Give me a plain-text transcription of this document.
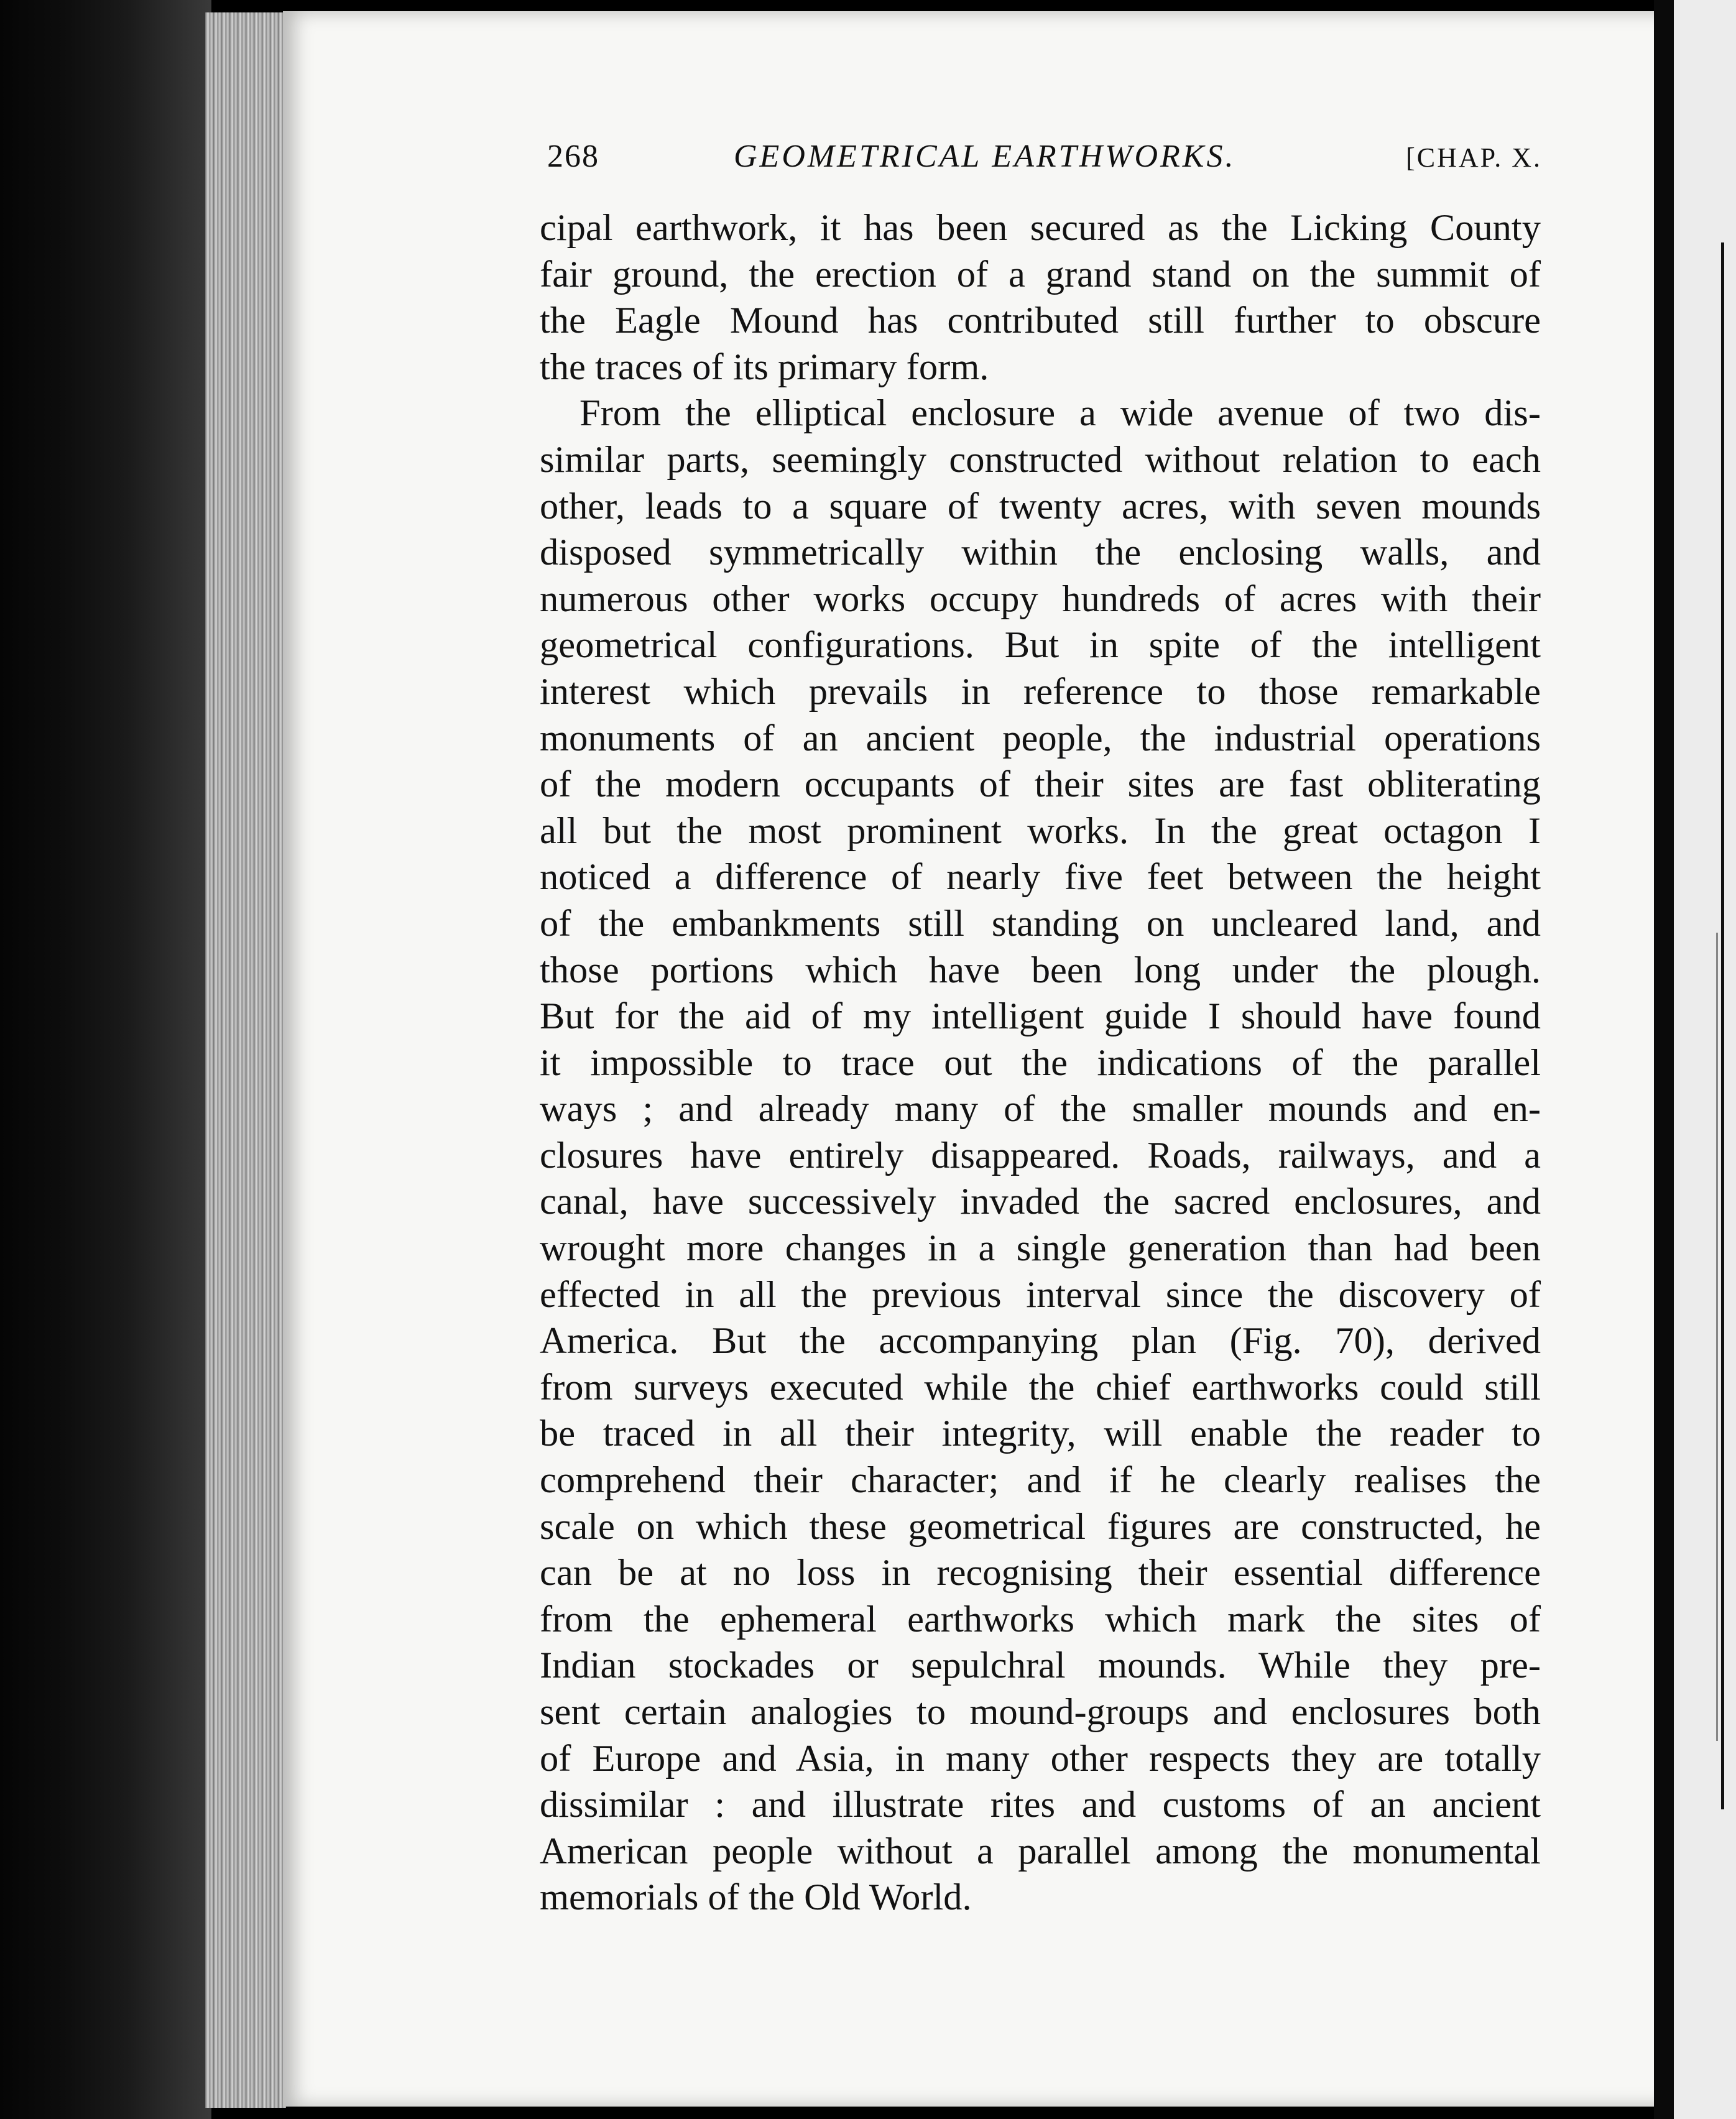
268	GEOMETRICAL EARTHWORKS.	[CHAP. X.
cipal earthwork, it has been secured as the Licking County
fair ground, the erection of a grand stand on the summit of
the Eagle Mound has contributed still further to obscure
the traces of its primary form.
From the elliptical enclosure a wide avenue of two dis-
similar parts, seemingly constructed without relation to each
other, leads to a square of twenty acres, with seven mounds
disposed symmetrically within the enclosing walls, and
numerous other works occupy hundreds of acres with their
geometrical configurations. But in spite of the intelligent
interest which prevails in reference to those remarkable
monuments of an ancient people, the industrial operations
of the modern occupants of their sites are fast obliterating
all but the most prominent works. In the great octagon I
noticed a difference of nearly five feet between the height
of the embankments still standing on uncleared land, and
those portions which have been long under the plough.
But for the aid of my intelligent guide I should have found
it impossible to trace out the indications of the parallel
ways ; and already many of the smaller mounds and en-
closures have entirely disappeared. Roads, railways, and a
canal, have successively invaded the sacred enclosures, and
wrought more changes in a single generation than had been
effected in all the previous interval since the discovery of
America. But the accompanying plan (Fig. 70), derived
from surveys executed while the chief earthworks could still
be traced in all their integrity, will enable the reader to
comprehend their character; and if he clearly realises the
scale on which these geometrical figures are constructed, he
can be at no loss in recognising their essential difference
from the ephemeral earthworks which mark the sites of
Indian stockades or sepulchral mounds. While they pre-
sent certain analogies to mound-groups and enclosures both
of Europe and Asia, in many other respects they are totally
dissimilar : and illustrate rites and customs of an ancient
American people without a parallel among the monumental
memorials of the Old World.
